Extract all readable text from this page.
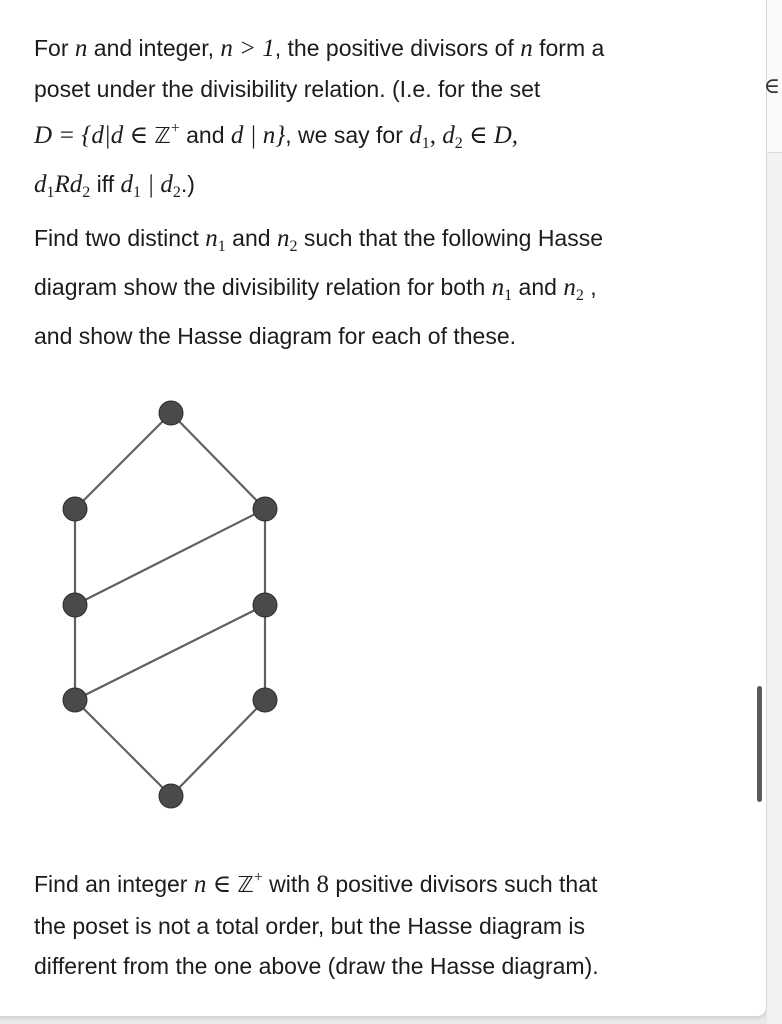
For n and integer, n > 1, the positive divisors of n form a
poset under the divisibility relation. (I.e. for the set
D = {d|d ∈ ℤ+ and d | n}, we say for $d_1$, $d_2$ ∈ D,
$d_1Rd_2$ iff $d_1$ | $d_2$.)

Find two distinct $n_1$ and $n_2$ such that the following Hasse
diagram show the divisibility relation for both $n_1$ and $n_2$ ,
and show the Hasse diagram for each of these.

Find an integer n ∈ ℤ+ with 8 positive divisors such that
the poset is not a total order, but the Hasse diagram is
different from the one above (draw the Hasse diagram).

∈
